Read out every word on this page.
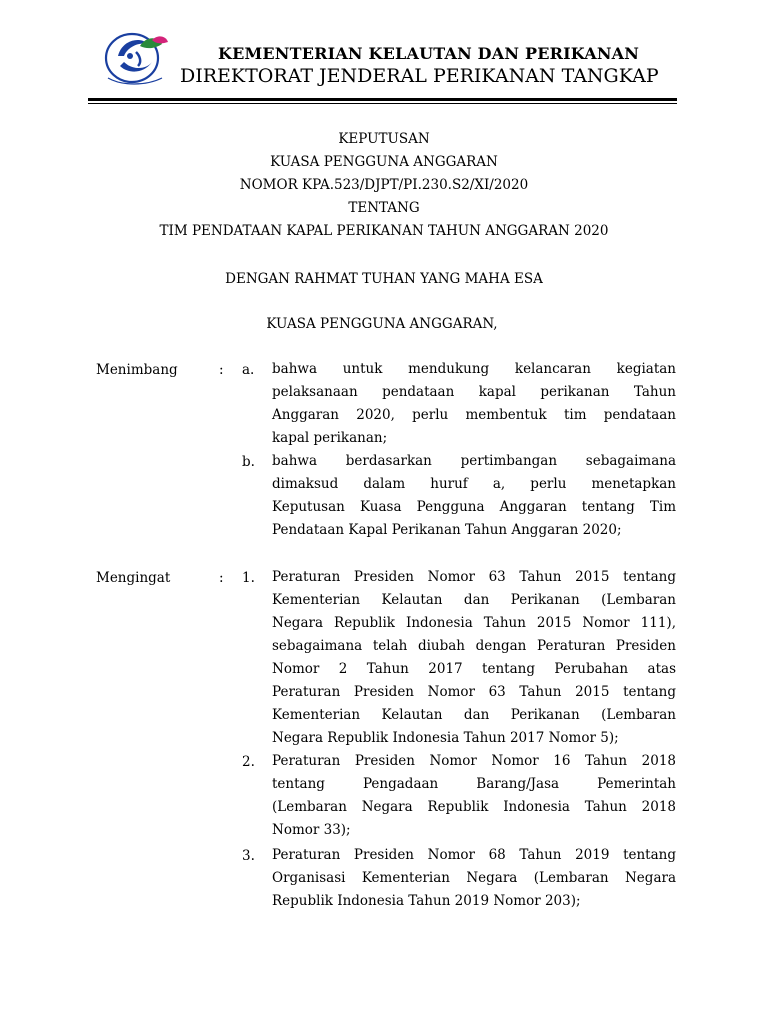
KEMENTERIAN KELAUTAN DAN PERIKANAN
DIREKTORAT JENDERAL PERIKANAN TANGKAP
KEPUTUSAN
KUASA PENGGUNA ANGGARAN
NOMOR KPA.523/DJPT/PI.230.S2/XI/2020
TENTANG
TIM PENDATAAN KAPAL PERIKANAN TAHUN ANGGARAN 2020
DENGAN RAHMAT TUHAN YANG MAHA ESA
KUASA PENGGUNA ANGGARAN,
Menimbang	: a. bahwa untuk mendukung kelancaran kegiatan
pelaksanaan pendataan kapal perikanan Tahun
Anggaran 2020, perlu membentuk tim pendataan
kapal perikanan;
b. bahwa berdasarkan pertimbangan sebagaimana
dimaksud dalam huruf a, perlu menetapkan
Keputusan Kuasa Pengguna Anggaran tentang Tim
Pendataan Kapal Perikanan Tahun Anggaran 2020;
Mengingat	: 1. Peraturan Presiden Nomor 63 Tahun 2015 tentang
Kementerian Kelautan dan Perikanan (Lembaran
Negara Republik Indonesia Tahun 2015 Nomor 111),
sebagaimana telah diubah dengan Peraturan Presiden
Nomor 2 Tahun 2017 tentang Perubahan atas
Peraturan Presiden Nomor 63 Tahun 2015 tentang
Kementerian Kelautan dan Perikanan (Lembaran
Negara Republik Indonesia Tahun 2017 Nomor 5);
2. Peraturan Presiden Nomor Nomor 16 Tahun 2018
tentang Pengadaan Barang/Jasa Pemerintah
(Lembaran Negara Republik Indonesia Tahun 2018
Nomor 33);
3. Peraturan Presiden Nomor 68 Tahun 2019 tentang
Organisasi Kementerian Negara (Lembaran Negara
Republik Indonesia Tahun 2019 Nomor 203);
